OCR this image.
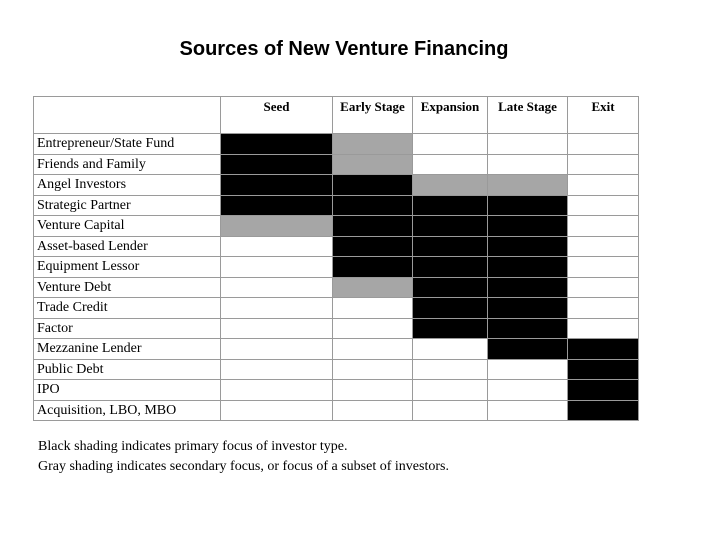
Sources of New Venture Financing
	Seed	Early Stage	Expansion	Late Stage	Exit
Entrepreneur/State Fund					
Friends and Family					
Angel Investors					
Strategic Partner					
Venture Capital					
Asset-based Lender					
Equipment Lessor					
Venture Debt					
Trade Credit					
Factor					
Mezzanine Lender					
Public Debt					
IPO					
Acquisition, LBO, MBO					
Black shading indicates primary focus of investor type.
Gray shading indicates secondary focus, or focus of a subset of investors.
